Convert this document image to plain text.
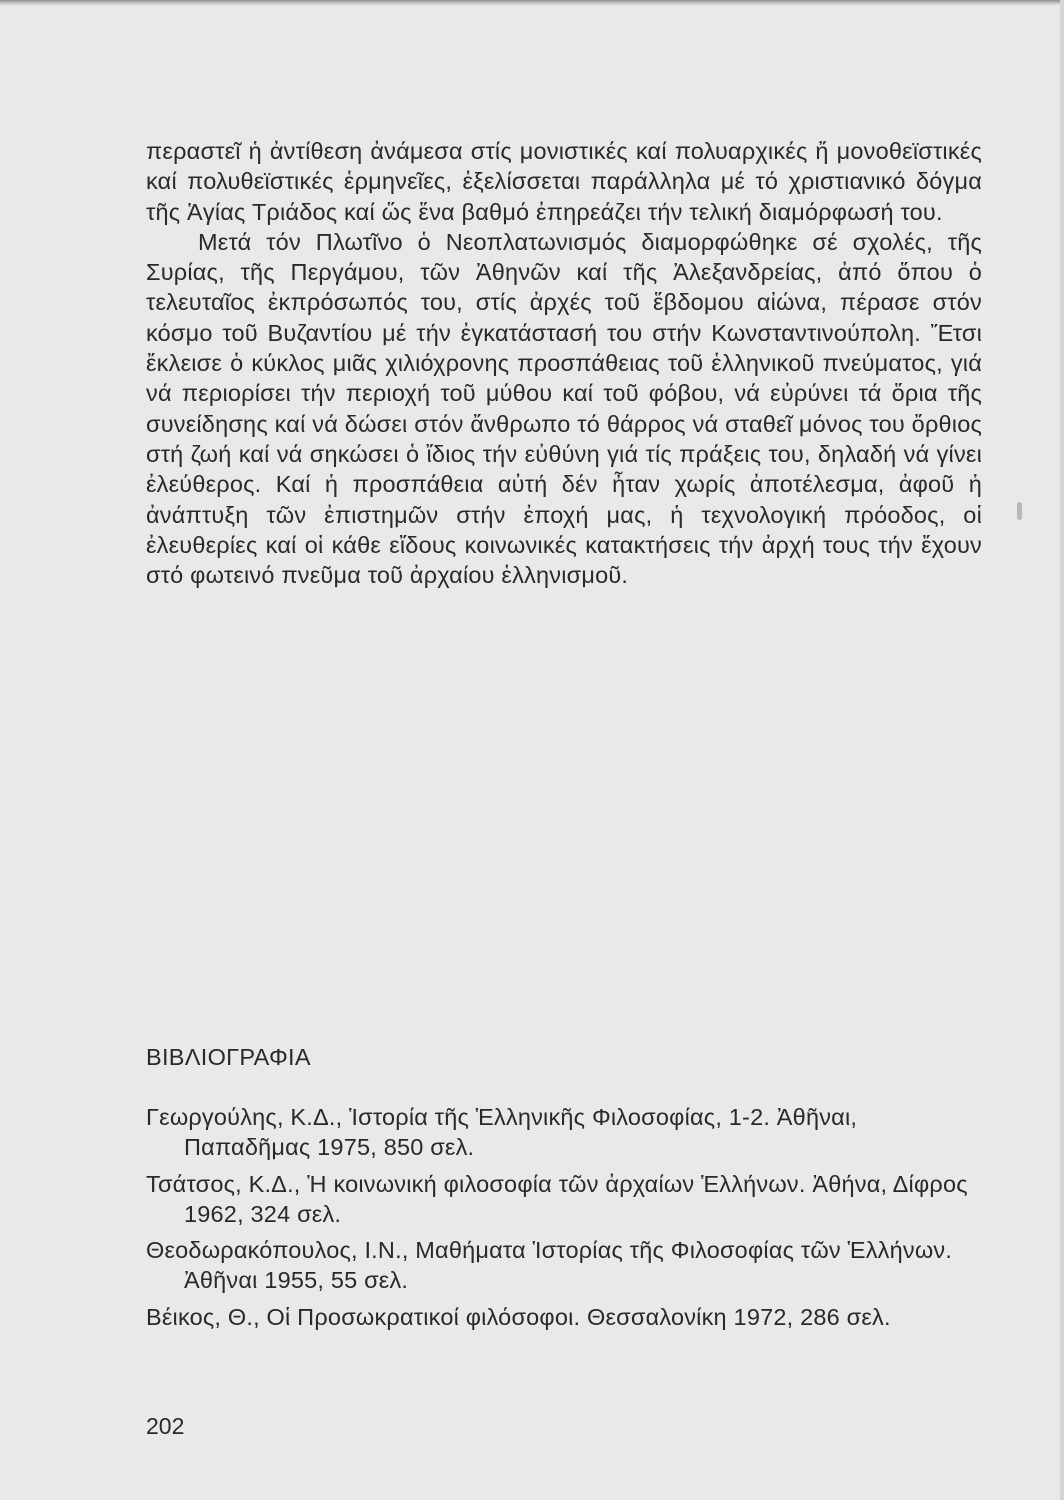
περαστεῖ ἡ ἀντίθεση ἀνάμεσα στίς μονιστικές καί πολυαρχικές ἤ μονοθεϊστικές καί πολυθεϊστικές ἑρμηνεῖες, ἐξελίσσεται παράλληλα μέ τό χριστιανικό δόγμα τῆς Ἁγίας Τριάδος καί ὥς ἕνα βαθμό ἐπηρεάζει τήν τελική διαμόρφωσή του.

Μετά τόν Πλωτῖνο ὁ Νεοπλατωνισμός διαμορφώθηκε σέ σχολές, τῆς Συρίας, τῆς Περγάμου, τῶν Ἀθηνῶν καί τῆς Ἀλεξανδρείας, ἀπό ὅπου ὁ τελευταῖος ἐκπρόσωπός του, στίς ἀρχές τοῦ ἕβδομου αἰώνα, πέρασε στόν κόσμο τοῦ Βυζαντίου μέ τήν ἐγκατάστασή του στήν Κωνσταντινούπολη. Ἔτσι ἔκλεισε ὁ κύκλος μιᾶς χιλιόχρονης προσπάθειας τοῦ ἑλληνικοῦ πνεύματος, γιά νά περιορίσει τήν περιοχή τοῦ μύθου καί τοῦ φόβου, νά εὐρύνει τά ὅρια τῆς συνείδησης καί νά δώσει στόν ἄνθρωπο τό θάρρος νά σταθεῖ μόνος του ὄρθιος στή ζωή καί νά σηκώσει ὁ ἴδιος τήν εὐθύνη γιά τίς πράξεις του, δηλαδή νά γίνει ἐλεύθερος. Καί ἡ προσπάθεια αὐτή δέν ἦταν χωρίς ἀποτέλεσμα, ἀφοῦ ἡ ἀνάπτυξη τῶν ἐπιστημῶν στήν ἐποχή μας, ἡ τεχνολογική πρόοδος, οἱ ἐλευθερίες καί οἱ κάθε εἴδους κοινωνικές κατακτήσεις τήν ἀρχή τους τήν ἔχουν στό φωτεινό πνεῦμα τοῦ ἀρχαίου ἑλληνισμοῦ.

ΒΙΒΛΙΟΓΡΑΦΙΑ
Γεωργούλης, Κ.Δ., Ἱστορία τῆς Ἑλληνικῆς Φιλοσοφίας, 1-2. Ἀθῆναι, Παπαδῆμας 1975, 850 σελ.
Τσάτσος, Κ.Δ., Ἡ κοινωνική φιλοσοφία τῶν ἀρχαίων Ἑλλήνων. Ἀθήνα, Δίφρος 1962, 324 σελ.
Θεοδωρακόπουλος, Ι.Ν., Μαθήματα Ἱστορίας τῆς Φιλοσοφίας τῶν Ἑλλήνων. Ἀθῆναι 1955, 55 σελ.
Βέικος, Θ., Οἱ Προσωκρατικοί φιλόσοφοι. Θεσσαλονίκη 1972, 286 σελ.

202
